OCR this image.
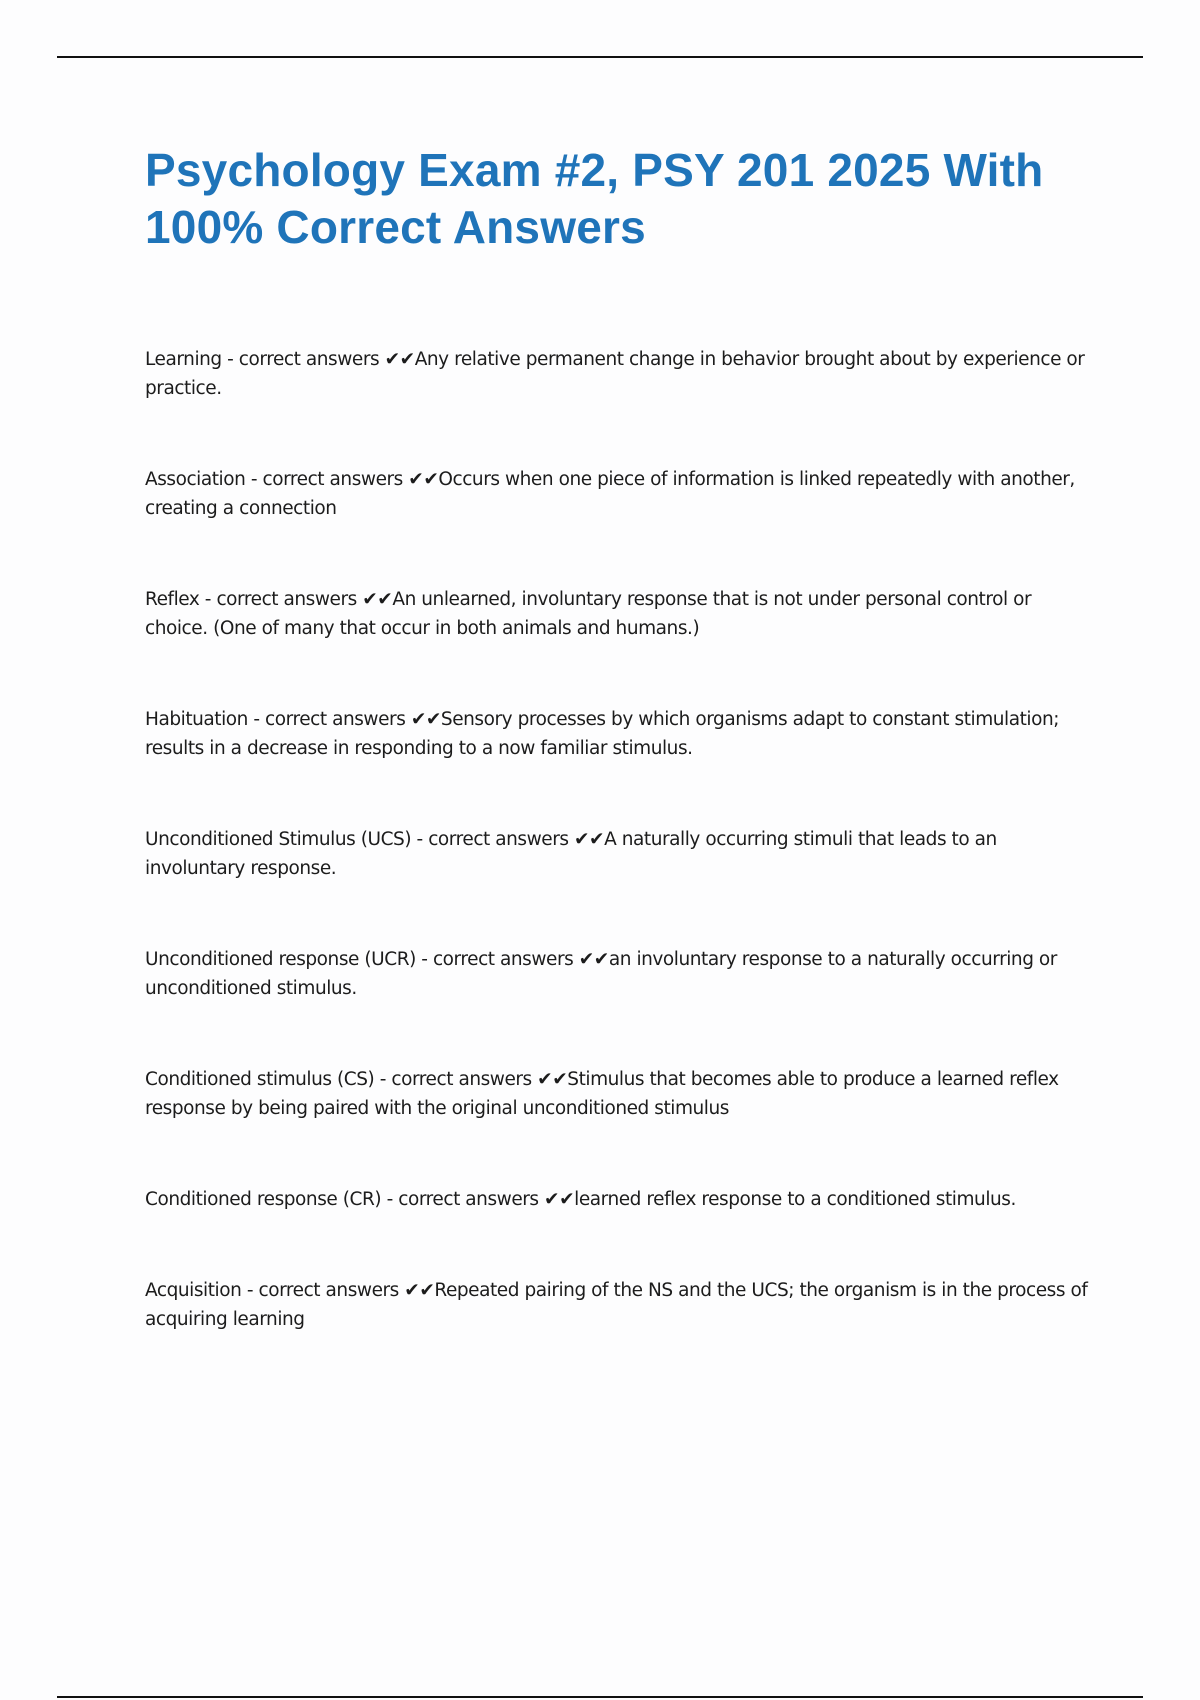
Psychology Exam #2, PSY 201 2025 With 100% Correct Answers

Learning - correct answers ✔✔Any relative permanent change in behavior brought about by experience or practice.

Association - correct answers ✔✔Occurs when one piece of information is linked repeatedly with another, creating a connection

Reflex - correct answers ✔✔An unlearned, involuntary response that is not under personal control or choice. (One of many that occur in both animals and humans.)

Habituation - correct answers ✔✔Sensory processes by which organisms adapt to constant stimulation; results in a decrease in responding to a now familiar stimulus.

Unconditioned Stimulus (UCS) - correct answers ✔✔A naturally occurring stimuli that leads to an involuntary response.

Unconditioned response (UCR) - correct answers ✔✔an involuntary response to a naturally occurring or unconditioned stimulus.

Conditioned stimulus (CS) - correct answers ✔✔Stimulus that becomes able to produce a learned reflex response by being paired with the original unconditioned stimulus

Conditioned response (CR) - correct answers ✔✔learned reflex response to a conditioned stimulus.

Acquisition - correct answers ✔✔Repeated pairing of the NS and the UCS; the organism is in the process of acquiring learning
